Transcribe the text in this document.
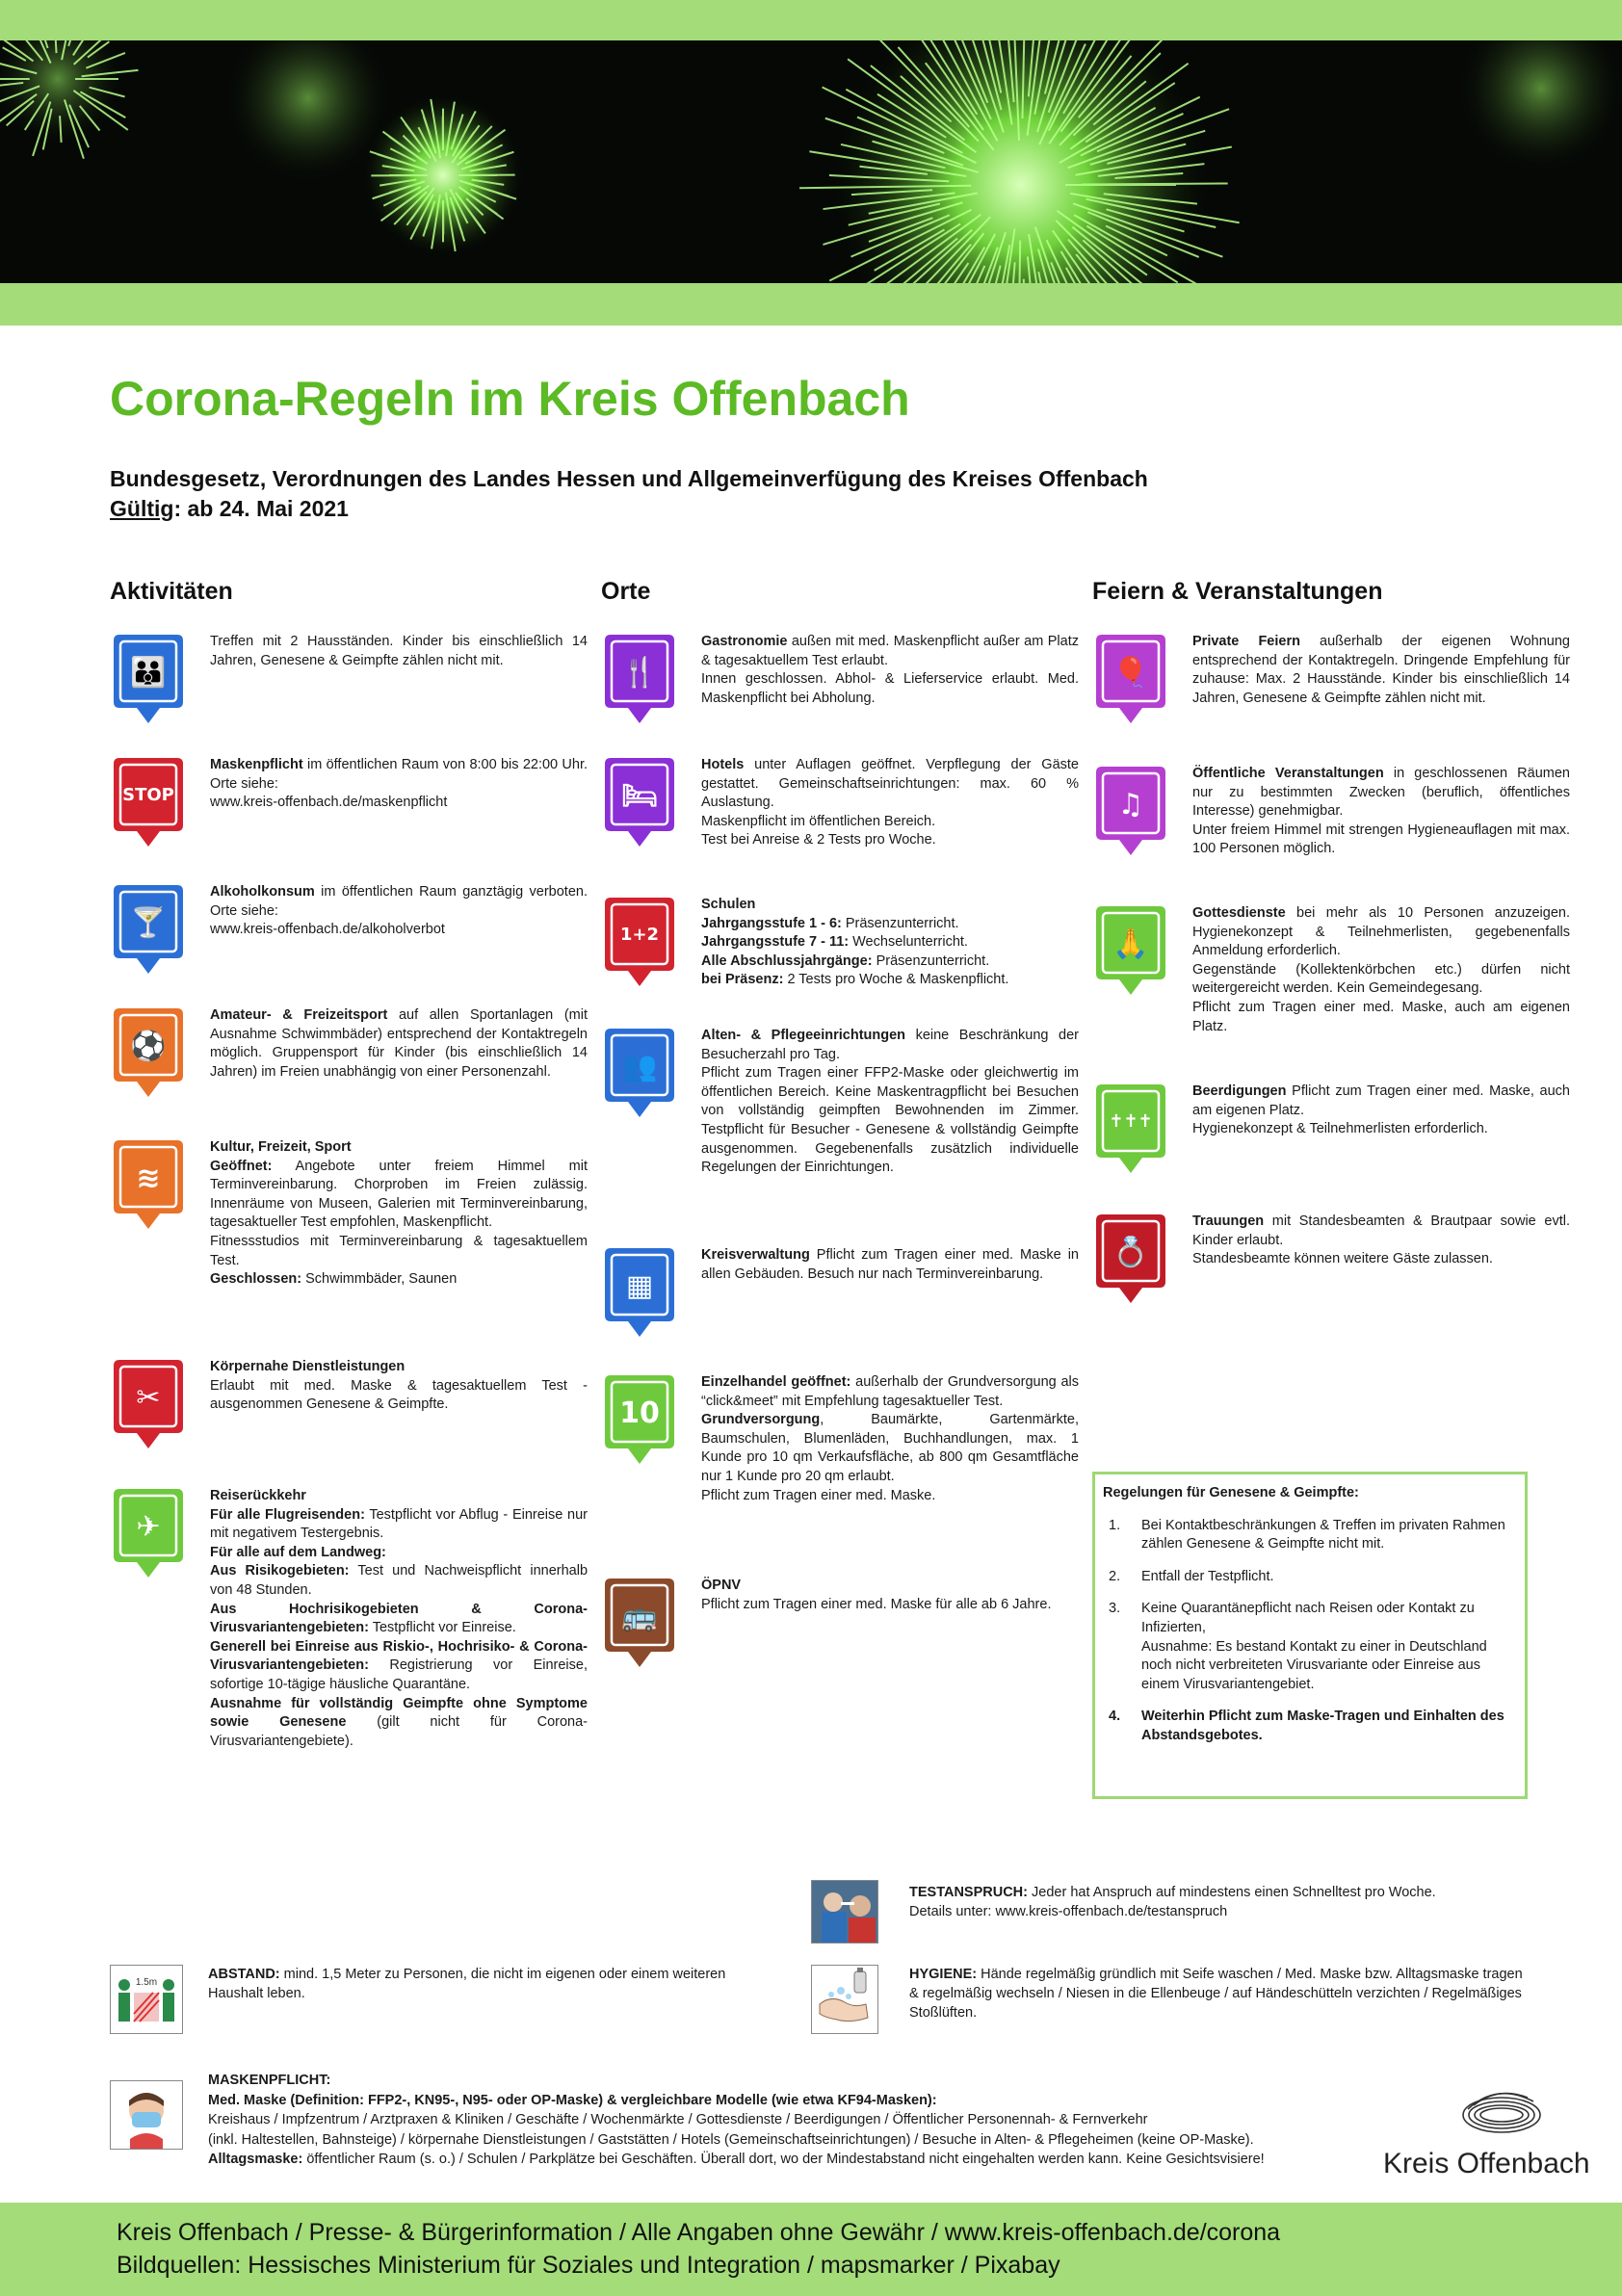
Corona-Regeln im Kreis Offenbach
Bundesgesetz, Verordnungen des Landes Hessen und Allgemeinverfügung des Kreises Offenbach
Gültig: ab 24. Mai 2021
Aktivitäten	Orte	Feiern & Veranstaltungen
👪
Treffen mit 2 Hausständen. Kinder bis einschließlich 14 Jahren, Genesene & Geimpfte zählen nicht mit.
STOP
Maskenpflicht im öffentlichen Raum von 8:00 bis 22:00 Uhr. Orte siehe:
www.kreis-offenbach.de/maskenpflicht
🍸
Alkoholkonsum im öffentlichen Raum ganztägig verboten. Orte siehe:
www.kreis-offenbach.de/alkoholverbot
⚽
Amateur- & Freizeitsport auf allen Sportanlagen (mit Ausnahme Schwimmbäder) entsprechend der Kontaktregeln möglich. Gruppensport für Kinder (bis einschließlich 14 Jahren) im Freien unabhängig von einer Personenzahl.
≋
Kultur, Freizeit, Sport
Geöffnet: Angebote unter freiem Himmel mit Terminvereinbarung. Chorproben im Freien zulässig. Innenräume von Museen, Galerien mit Terminvereinbarung, tagesaktueller Test empfohlen, Maskenpflicht.
Fitnessstudios mit Terminvereinbarung & tagesaktuellem Test.
Geschlossen: Schwimmbäder, Saunen
✂
Körpernahe Dienstleistungen
Erlaubt mit med. Maske & tagesaktuellem Test - ausgenommen Genesene & Geimpfte.
✈
Reiserückkehr
Für alle Flugreisenden: Testpflicht vor Abflug - Einreise nur mit negativem Testergebnis.
Für alle auf dem Landweg:
Aus Risikogebieten: Test und Nachweispflicht innerhalb von 48 Stunden.
Aus Hochrisikogebieten & Corona-Virusvariantengebieten: Testpflicht vor Einreise.
Generell bei Einreise aus Riskio-, Hochrisiko- & Corona-Virusvariantengebieten: Registrierung vor Einreise, sofortige 10-tägige häusliche Quarantäne.
Ausnahme für vollständig Geimpfte ohne Symptome sowie Genesene (gilt nicht für Corona-Virusvariantengebiete).
🍴
Gastronomie außen mit med. Maskenpflicht außer am Platz & tagesaktuellem Test erlaubt.
Innen geschlossen. Abhol- & Lieferservice erlaubt. Med. Maskenpflicht bei Abholung.
🛏
Hotels unter Auflagen geöffnet. Verpflegung der Gäste gestattet. Gemeinschaftseinrichtungen: max. 60 % Auslastung.
Maskenpflicht im öffentlichen Bereich.
Test bei Anreise & 2 Tests pro Woche.
1+2
Schulen
Jahrgangsstufe 1 - 6: Präsenzunterricht.
Jahrgangsstufe 7 - 11: Wechselunterricht.
Alle Abschlussjahrgänge: Präsenzunterricht.
bei Präsenz: 2 Tests pro Woche & Maskenpflicht.
👥
Alten- & Pflegeeinrichtungen keine Beschränkung der Besucherzahl pro Tag.
Pflicht zum Tragen einer FFP2-Maske oder gleichwertig im öffentlichen Bereich. Keine Maskentragpflicht bei Besuchen von vollständig geimpften Bewohnenden im Zimmer. Testpflicht für Besucher - Genesene & vollständig Geimpfte ausgenommen. Gegebenenfalls zusätzlich individuelle Regelungen der Einrichtungen.
▦
Kreisverwaltung Pflicht zum Tragen einer med. Maske in allen Gebäuden. Besuch nur nach Terminvereinbarung.
10
Einzelhandel geöffnet: außerhalb der Grundversorgung als “click&meet” mit Empfehlung tagesaktueller Test.
Grundversorgung, Baumärkte, Gartenmärkte, Baumschulen, Blumenläden, Buchhandlungen, max. 1 Kunde pro 10 qm Verkaufsfläche, ab 800 qm Gesamtfläche nur 1 Kunde pro 20 qm erlaubt.
Pflicht zum Tragen einer med. Maske.
🚌
ÖPNV
Pflicht zum Tragen einer med. Maske für alle ab 6 Jahre.
🎈
Private Feiern außerhalb der eigenen Wohnung entsprechend der Kontaktregeln. Dringende Empfehlung für zuhause: Max. 2 Hausstände. Kinder bis einschließlich 14 Jahren, Genesene & Geimpfte zählen nicht mit.
♫
Öffentliche Veranstaltungen in geschlossenen Räumen nur zu bestimmten Zwecken (beruflich, öffentliches Interesse) genehmigbar.
Unter freiem Himmel mit strengen Hygieneauflagen mit max. 100 Personen möglich.
🙏
Gottesdienste bei mehr als 10 Personen anzuzeigen. Hygienekonzept & Teilnehmerlisten, gegebenenfalls Anmeldung erforderlich.
Gegenstände (Kollektenkörbchen etc.) dürfen nicht weitergereicht werden. Kein Gemeindegesang.
Pflicht zum Tragen einer med. Maske, auch am eigenen Platz.
✝✝✝
Beerdigungen Pflicht zum Tragen einer med. Maske, auch am eigenen Platz.
Hygienekonzept & Teilnehmerlisten erforderlich.
💍
Trauungen mit Standesbeamten & Brautpaar sowie evtl. Kinder erlaubt.
Standesbeamte können weitere Gäste zulassen.
Regelungen für Genesene & Geimpfte:
1. Bei Kontaktbeschränkungen & Treffen im privaten Rahmen zählen Genesene & Geimpfte nicht mit.
2. Entfall der Testpflicht.
3. Keine Quarantänepflicht nach Reisen oder Kontakt zu Infizierten,
Ausnahme: Es bestand Kontakt zu einer in Deutschland noch nicht verbreiteten Virusvariante oder Einreise aus einem Virusvariantengebiet.
4. Weiterhin Pflicht zum Maske-Tragen und Einhalten des Abstandsgebotes.
TESTANSPRUCH: Jeder hat Anspruch auf mindestens einen Schnelltest pro Woche.
Details unter: www.kreis-offenbach.de/testanspruch
HYGIENE: Hände regelmäßig gründlich mit Seife waschen / Med. Maske bzw. Alltagsmaske tragen & regelmäßig wechseln / Niesen in die Ellenbeuge / auf Händeschütteln verzichten / Regelmäßiges Stoßlüften.
1.5m
ABSTAND: mind. 1,5 Meter zu Personen, die nicht im eigenen oder einem weiteren Haushalt leben.
MASKENPFLICHT:
Med. Maske (Definition: FFP2-, KN95-, N95- oder OP-Maske) & vergleichbare Modelle (wie etwa KF94-Masken):
Kreishaus / Impfzentrum / Arztpraxen & Kliniken / Geschäfte / Wochenmärkte / Gottesdienste / Beerdigungen / Öffentlicher Personennah- & Fernverkehr
(inkl. Haltestellen, Bahnsteige) / körpernahe Dienstleistungen / Gaststätten / Hotels (Gemeinschaftseinrichtungen) / Besuche in Alten- & Pflegeheimen (keine OP-Maske).
Alltagsmaske: öffentlicher Raum (s. o.) / Schulen / Parkplätze bei Geschäften. Überall dort, wo der Mindestabstand nicht eingehalten werden kann. Keine Gesichtsvisiere!	Kreis Offenbach
Kreis Offenbach / Presse- & Bürgerinformation / Alle Angaben ohne Gewähr / www.kreis-offenbach.de/corona
Bildquellen: Hessisches Ministerium für Soziales und Integration / mapsmarker / Pixabay
